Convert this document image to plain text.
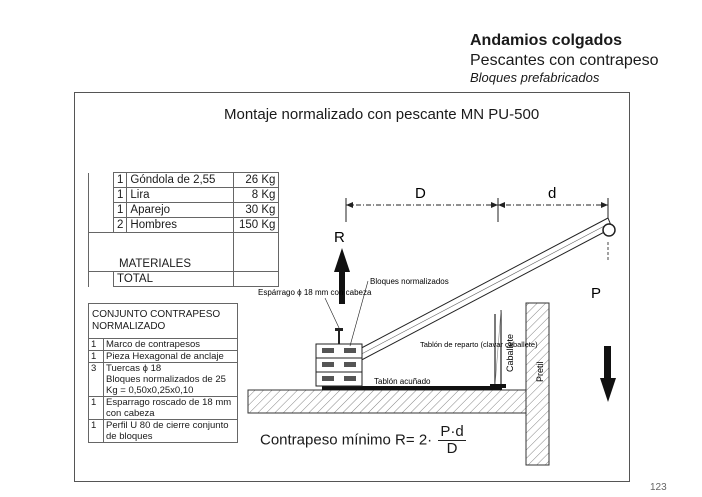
Andamios colgados
Pescantes con contrapeso
Bloques prefabricados
Montaje normalizado con pescante MN PU-500
	1	Góndola de 2,55	26 Kg
	1	Lira	8 Kg
	1	Aparejo	30 Kg
	2	Hombres	150 Kg
MATERIALES			
	TOTAL		
CONJUNTO CONTRAPESO NORMALIZADO	
1	Marco de contrapesos
1	Pieza Hexagonal de anclaje
3	Tuercas ϕ 18
Bloques normalizados de 25 Kg = 0,50x0,25x0,10

1	Esparrago roscado de 18 mm con cabeza
1	Perfil U 80 de cierre conjunto de bloques
D	d
R
P
Pretil
Tablón acuñado
Espárrago ϕ 18 mm con cabeza
Bloques normalizados
Caballete
Tablón de reparto (clavar caballete)
Contrapeso mínimo $R= 2\cdot \frac{P\cdot d}{D}$
123
